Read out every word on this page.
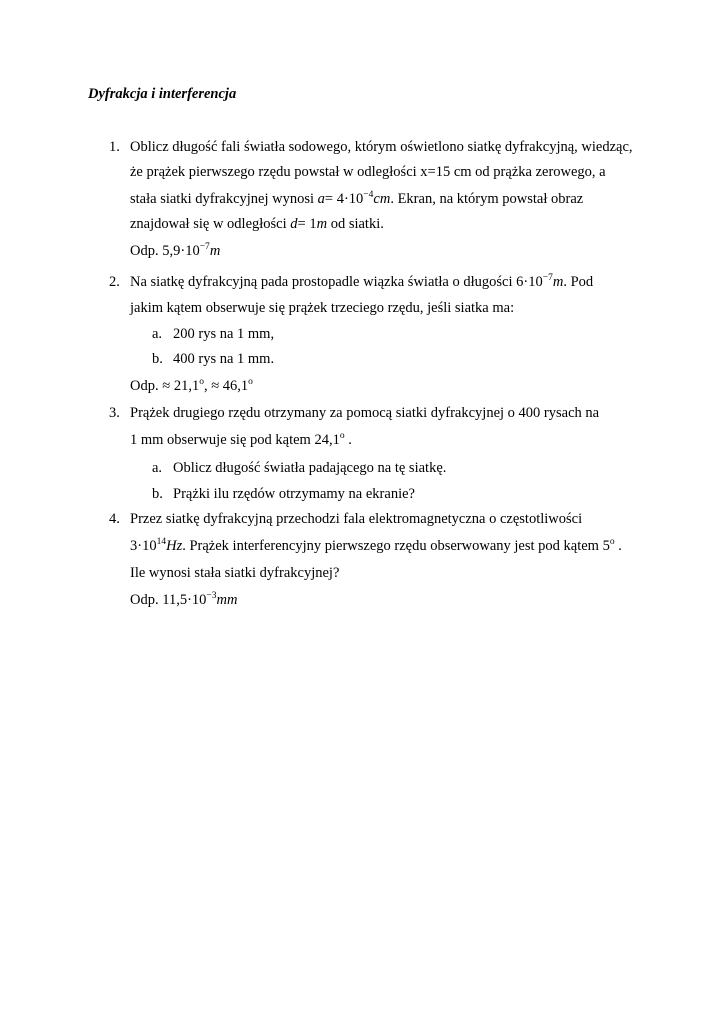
Dyfrakcja i interferencja
1. Oblicz długość fali światła sodowego, którym oświetlono siatkę dyfrakcyjną, wiedząc,
że prążek pierwszego rzędu powstał w odległości x=15 cm od prążka zerowego, a
stała siatki dyfrakcyjnej wynosi $a= 4\cdot 10^{-4}cm$. Ekran, na którym powstał obraz
znajdował się w odległości d= 1m od siatki.
Odp. $5,9\cdot 10^{-7}m$
2. Na siatkę dyfrakcyjną pada prostopadle wiązka światła o długości $6\cdot 10^{-7}m$. Pod
jakim kątem obserwuje się prążek trzeciego rzędu, jeśli siatka ma:
a. 200 rys na 1 mm,
b. 400 rys na 1 mm.
Odp. ≈ $21,1^o$, ≈ $46,1^o$
3. Prążek drugiego rzędu otrzymany za pomocą siatki dyfrakcyjnej o 400 rysach na
1 mm obserwuje się pod kątem 24,1$^o$ .
a. Oblicz długość światła padającego na tę siatkę.
b. Prążki ilu rzędów otrzymamy na ekranie?
4. Przez siatkę dyfrakcyjną przechodzi fala elektromagnetyczna o częstotliwości
$3\cdot 10^{14}Hz$. Prążek interferencyjny pierwszego rzędu obserwowany jest pod kątem 5$^o$ .
Ile wynosi stała siatki dyfrakcyjnej?
Odp. $11,5\cdot 10^{-3}mm$
